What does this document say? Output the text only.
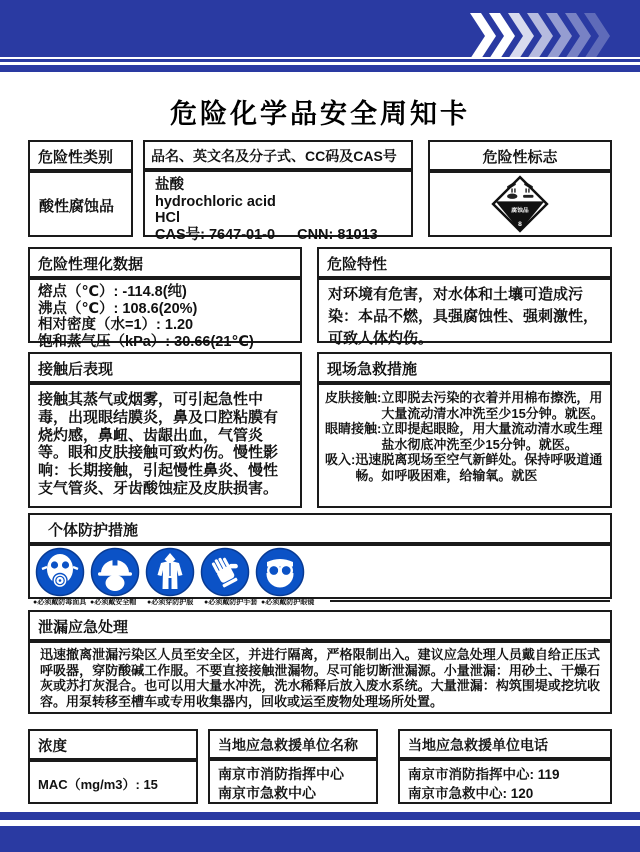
危险化学品安全周知卡
危险性类别
酸性腐蚀品
品名、英文名及分子式、CC码及CAS号
盐酸
hydrochloric acid
HCl
CAS号: 7647-01-0 CNN: 81013
危险性标志
腐蚀品
8
危险性理化数据
熔点（℃）: -114.8(纯)
沸点（℃）: 108.6(20%)
相对密度（水=1）: 1.20
饱和蒸气压（kPa）: 30.66(21℃)
危险特性
对环境有危害，对水体和土壤可造成污染：本品不燃，具强腐蚀性、强刺激性，可致人体灼伤。
接触后表现
接触其蒸气或烟雾，可引起急性中毒，出现眼结膜炎，鼻及口腔粘膜有烧灼感，鼻衄、齿龈出血，气管炎等。眼和皮肤接触可致灼伤。慢性影响：长期接触，引起慢性鼻炎、慢性支气管炎、牙齿酸蚀症及皮肤损害。
现场急救措施
皮肤接触: 立即脱去污染的衣着并用棉布擦洗，用大量流动清水冲洗至少15分钟。就医。
眼睛接触: 立即提起眼睑，用大量流动清水或生理盐水彻底冲洗至少15分钟。就医。
吸入: 迅速脱离现场至空气新鲜处。保持呼吸道通畅。如呼吸困难，给输氧。就医
个体防护措施
●必须戴防毒面具 ●必须戴安全帽	●必须穿防护服	●必须戴防护手套 ●必须戴防护眼镜
泄漏应急处理
迅速撤离泄漏污染区人员至安全区，并进行隔离，严格限制出入。建议应急处理人员戴自给正压式呼吸器，穿防酸碱工作服。不要直接接触泄漏物。尽可能切断泄漏源。小量泄漏：用砂土、干燥石灰或苏打灰混合。也可以用大量水冲洗，洗水稀释后放入废水系统。大量泄漏：构筑围堤或挖坑收容。用泵转移至槽车或专用收集器内，回收或运至废物处理场所处置。
浓度
MAC（mg/m3）: 15
当地应急救援单位名称
南京市消防指挥中心
南京市急救中心
当地应急救援单位电话
南京市消防指挥中心: 119
南京市急救中心: 120
